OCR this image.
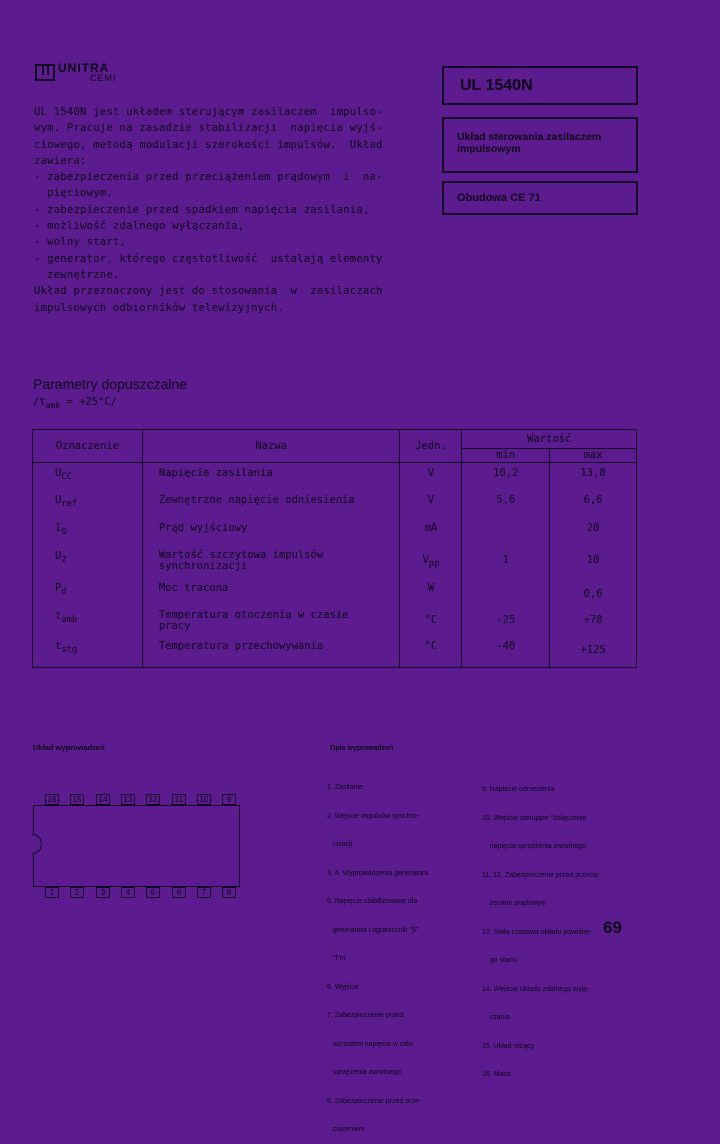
UNITRA
CEMI	UL 1540N
Układ sterowania zasilaczem impulsowym
Obudowa CE 71
UL 1540N jest układem sterującym zasilaczem  impulso-
wym. Pracuje na zasadzie stabilizacji  napięcia wyjś-
ciowego, metodą modulacji szerokości impulsów.  Układ
zawiera:
- zabezpieczenia przed przeciążeniem prądowym  i  na-
pięciowym,
- zabezpieczenie przed spadkiem napięcia zasilania,
- możliwość zdalnego wyłączania,
- wolny start,
- generator, którego częstotliwość  ustalają elementy
zewnętrzne.
Układ przeznaczony jest do stosowania  w  zasilaczach
impulsowych odbiorników telewizyjnych.
Parametry dopuszczalne
$/t_{amb} = +25^\circ C/$
Oznaczenie	Nazwa	Jedn.	Wartość	
			min	max
$U_{CC}$	Napięcie zasilania	V	10,2	13,8
$U_{ref}$	Zewnętrzne napięcie odniesienia	V	5,6	6,6
$I_O$	Prąd wyjściowy	mA		20
$U_2$	Wartość szczytowa impulsów synchronizacji	$V_{pp}$	1	10
$P_d$	Moc tracona	W		0,6
$t_{amb}$	Temperatura otoczenia w czasie pracy	°C	-25	+70
$t_{stg}$	Temperatura przechowywania	°C	-40	+125
Układ wyprowadzeń
16	15	14	13	12	11	10	9
1	2	3	4	5	6	7	8
Opis wyprowadzeń

1. Zasilanie

2. Wejście impulsów synchro-

nizacji

3, 4. Wyprowadzenia generatora

5. Napięcie stabilizowane dla

generatora i ogranicznik "β"

"f"m

6. Wyjście

7. Zabezpieczenie przed

wzrostem napięcia w celu

sprzężenia zwrotnego

8. Zabezpieczenie przed prze-

ciążeniem

9. Napięcie odniesienia

10. Wejście sterujące "dołączenie

napięcia sprzężenia zwrotnego

11, 12. Zabezpieczenie przed przecią-

żeniem prądowym

13. Stała czasowa układu powolne-

go startu

14. Wejście układu zdalnego wyłą-

czania

15. Układ różący

16. Masa

69
